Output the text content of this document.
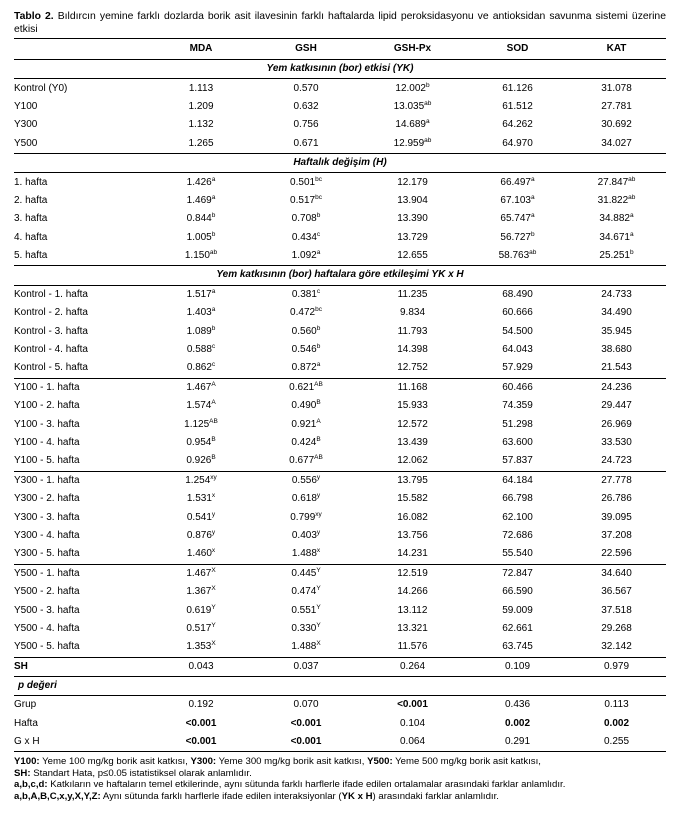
Tablo 2. Bıldırcın yemine farklı dozlarda borik asit ilavesinin farklı haftalarda lipid peroksidasyonu ve antioksidan savunma sistemi üzerine etkisi
	MDA	GSH	GSH-Px	SOD	KAT
Yem katkısının (bor) etkisi (YK)					
Kontrol (Y0)	1.113	0.570	12.002$^b$	61.126	31.078
Y100	1.209	0.632	13.035$^{ab}$	61.512	27.781
Y300	1.132	0.756	14.689$^a$	64.262	30.692
Y500	1.265	0.671	12.959$^{ab}$	64.970	34.027
Haftalık değişim (H)					
1. hafta	1.426$^a$	0.501$^{bc}$	12.179	66.497$^a$	27.847$^{ab}$
2. hafta	1.469$^a$	0.517$^{bc}$	13.904	67.103$^a$	31.822$^{ab}$
3. hafta	0.844$^b$	0.708$^b$	13.390	65.747$^a$	34.882$^a$
4. hafta	1.005$^b$	0.434$^c$	13.729	56.727$^b$	34.671$^a$
5. hafta	1.150$^{ab}$	1.092$^a$	12.655	58.763$^{ab}$	25.251$^b$
Yem katkısının (bor) haftalara göre etkileşimi YK x H					
Kontrol - 1. hafta	1.517$^a$	0.381$^c$	11.235	68.490	24.733
Kontrol - 2. hafta	1.403$^a$	0.472$^{bc}$	9.834	60.666	34.490
Kontrol - 3. hafta	1.089$^b$	0.560$^b$	11.793	54.500	35.945
Kontrol - 4. hafta	0.588$^c$	0.546$^b$	14.398	64.043	38.680
Kontrol - 5. hafta	0.862$^c$	0.872$^a$	12.752	57.929	21.543
Y100 - 1. hafta	$1.467^A$	$0.621^{AB}$	11.168	60.466	24.236
Y100 - 2. hafta	$1.574^A$	$0.490^B$	15.933	74.359	29.447
Y100 - 3. hafta	$1.125^{AB}$	$0.921^A$	12.572	51.298	26.969
Y100 - 4. hafta	$0.954^B$	$0.424^B$	13.439	63.600	33.530
Y100 - 5. hafta	$0.926^B$	$0.677^{AB}$	12.062	57.837	24.723
Y300 - 1. hafta	$1.254^{xy}$	0.556$^y$	13.795	64.184	27.778
Y300 - 2. hafta	1.531$^x$	0.618$^y$	15.582	66.798	26.786
Y300 - 3. hafta	0.541$^y$	$0.799^{xy}$	16.082	62.100	39.095
Y300 - 4. hafta	0.876$^y$	0.403$^y$	13.756	72.686	37.208
Y300 - 5. hafta	1.460$^x$	1.488$^x$	14.231	55.540	22.596
Y500 - 1. hafta	$1.467^X$	$0.445^Y$	12.519	72.847	34.640
Y500 - 2. hafta	$1.367^X$	$0.474^Y$	14.266	66.590	36.567
Y500 - 3. hafta	$0.619^Y$	$0.551^Y$	13.112	59.009	37.518
Y500 - 4. hafta	$0.517^Y$	$0.330^Y$	13.321	62.661	29.268
Y500 - 5. hafta	$1.353^X$	$1.488^X$	11.576	63.745	32.142
SH	0.043	0.037	0.264	0.109	0.979
p değeri					
Grup	0.192	0.070	<0.001	0.436	0.113
Hafta	<0.001	<0.001	0.104	0.002	0.002
G x H	<0.001	<0.001	0.064	0.291	0.255
Y100: Yeme 100 mg/kg borik asit katkısı, Y300: Yeme 300 mg/kg borik asit katkısı, Y500: Yeme 500 mg/kg borik asit katkısı,
SH: Standart Hata, p≤0.05 istatistiksel olarak anlamlıdır.
a,b,c,d: Katkıların ve haftaların temel etkilerinde, aynı sütunda farklı harflerle ifade edilen ortalamalar arasındaki farklar anlamlıdır.
a,b,A,B,C,x,y,X,Y,Z: Aynı sütunda farklı harflerle ifade edilen interaksiyonlar (YK x H) arasındaki farklar anlamlıdır.
